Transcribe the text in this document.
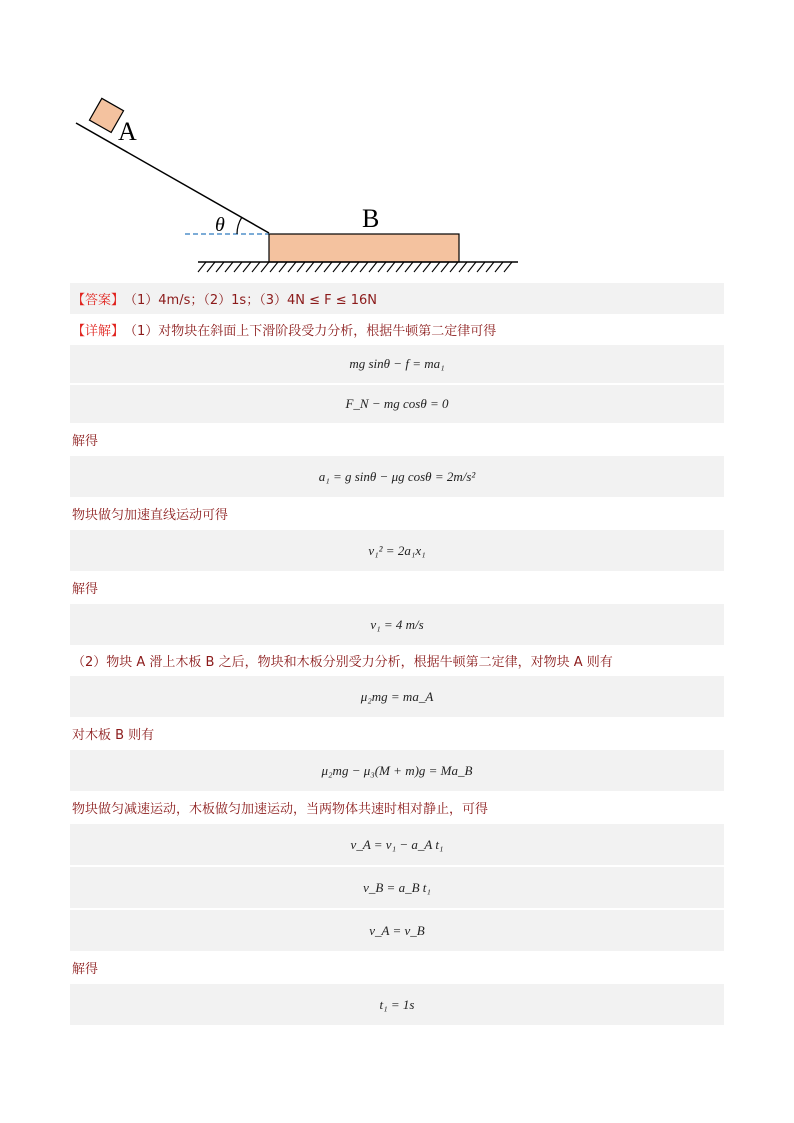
A
θ	B
【答案】 （1）4m/s；（2）1s；（3）4N ≤ F ≤ 16N
【详解】 （1）对物块在斜面上下滑阶段受力分析，根据牛顿第二定律可得
mg sinθ − f = ma₁
F_N − mg cosθ = 0
解得
a₁ = g sinθ − μg cosθ = 2m/s²
物块做匀加速直线运动可得
v₁² = 2a₁x₁
解得
v₁ = 4 m/s
（2）物块 A 滑上木板 B 之后，物块和木板分别受力分析，根据牛顿第二定律，对物块 A 则有
μ₂mg = ma_A
对木板 B 则有
μ₂mg − μ₃(M + m)g = Ma_B
物块做匀减速运动，木板做匀加速运动，当两物体共速时相对静止，可得
v_A = v₁ − a_A t₁
v_B = a_B t₁
v_A = v_B
解得
t₁ = 1s
